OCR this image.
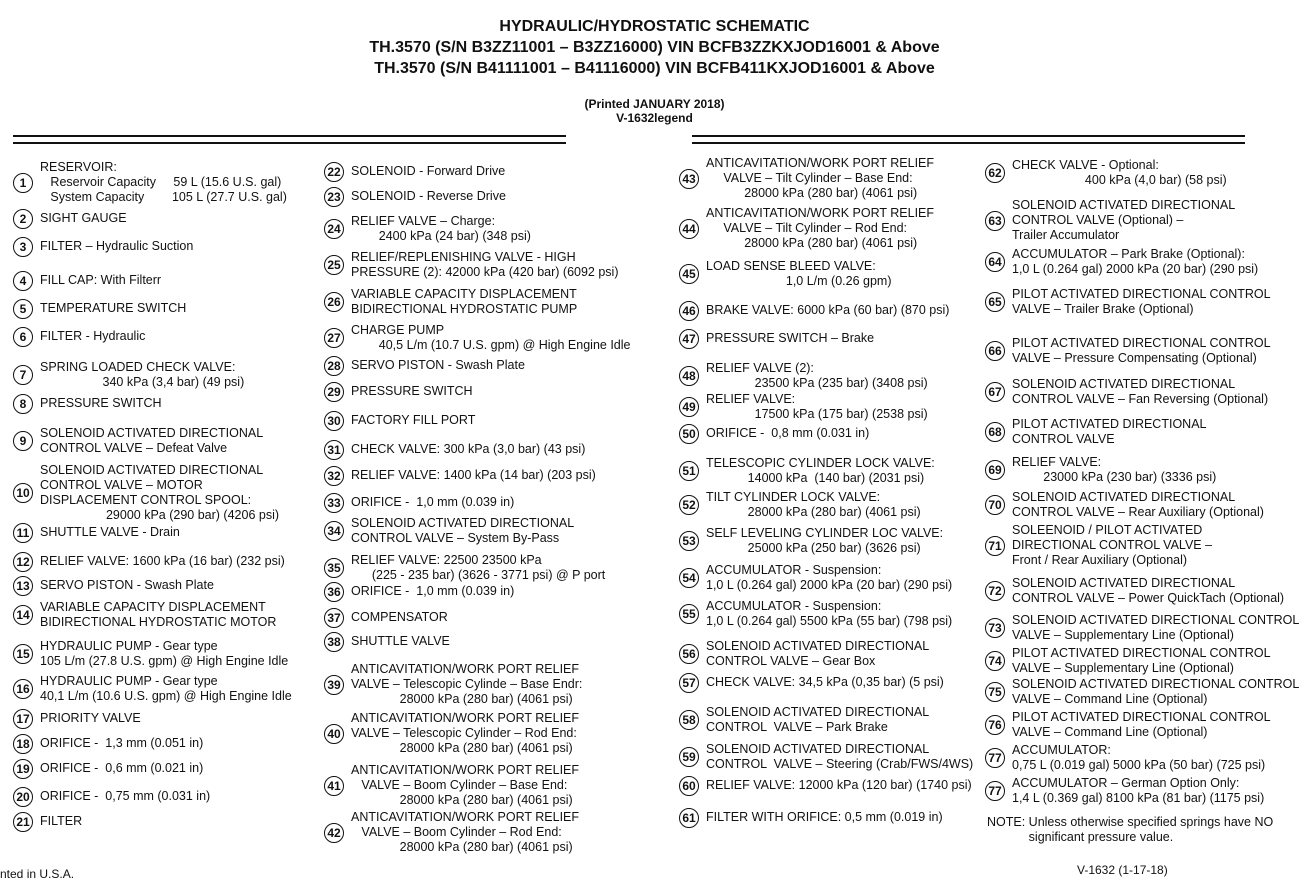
HYDRAULIC/HYDROSTATIC SCHEMATIC
TH.3570 (S/N B3ZZ11001 – B3ZZ16000) VIN BCFB3ZZKXJOD16001 & Above
TH.3570 (S/N B41111001 – B41116000) VIN BCFB411KXJOD16001 & Above
(Printed JANUARY 2018)
V-1632legend
1
RESERVOIR:
Reservoir Capacity     59 L (15.6 U.S. gal)
System Capacity        105 L (27.7 U.S. gal)
2	SIGHT GAUGE
3	FILTER – Hydraulic Suction
4	FILL CAP: With Filterr
5	TEMPERATURE SWITCH
6	FILTER - Hydraulic
7
SPRING LOADED CHECK VALVE:
340 kPa (3,4 bar) (49 psi)
8	PRESSURE SWITCH
9
SOLENOID ACTIVATED DIRECTIONAL
CONTROL VALVE – Defeat Valve
10
SOLENOID ACTIVATED DIRECTIONAL
CONTROL VALVE – MOTOR
DISPLACEMENT CONTROL SPOOL:
29000 kPa (290 bar) (4206 psi)
11 SHUTTLE VALVE - Drain
12 RELIEF VALVE: 1600 kPa (16 bar) (232 psi)
13 SERVO PISTON - Swash Plate
14
VARIABLE CAPACITY DISPLACEMENT
BIDIRECTIONAL HYDROSTATIC MOTOR
15
HYDRAULIC PUMP - Gear type
105 L/m (27.8 U.S. gpm) @ High Engine Idle
16
HYDRAULIC PUMP - Gear type
40,1 L/m (10.6 U.S. gpm) @ High Engine Idle
17 PRIORITY VALVE
18 ORIFICE -  1,3 mm (0.051 in)
19 ORIFICE -  0,6 mm (0.021 in)
20 ORIFICE -  0,75 mm (0.031 in)
21 FILTER
22 SOLENOID - Forward Drive
23 SOLENOID - Reverse Drive
24
RELIEF VALVE – Charge:
2400 kPa (24 bar) (348 psi)
25
RELIEF/REPLENISHING VALVE - HIGH
PRESSURE (2): 42000 kPa (420 bar) (6092 psi)
26
VARIABLE CAPACITY DISPLACEMENT
BIDIRECTIONAL HYDROSTATIC PUMP
27
CHARGE PUMP
40,5 L/m (10.7 U.S. gpm) @ High Engine Idle
28 SERVO PISTON - Swash Plate
29 PRESSURE SWITCH
30 FACTORY FILL PORT
31 CHECK VALVE: 300 kPa (3,0 bar) (43 psi)
32 RELIEF VALVE: 1400 kPa (14 bar) (203 psi)
33 ORIFICE -  1,0 mm (0.039 in)
34
SOLENOID ACTIVATED DIRECTIONAL
CONTROL VALVE – System By-Pass
35
RELIEF VALVE: 22500 23500 kPa
(225 - 235 bar) (3626 - 3771 psi) @ P port
36 ORIFICE -  1,0 mm (0.039 in)
37 COMPENSATOR
38 SHUTTLE VALVE
39
ANTICAVITATION/WORK PORT RELIEF
VALVE – Telescopic Cylinde – Base Endr:
28000 kPa (280 bar) (4061 psi)
40
ANTICAVITATION/WORK PORT RELIEF
VALVE – Telescopic Cylinder – Rod End:
28000 kPa (280 bar) (4061 psi)
41
ANTICAVITATION/WORK PORT RELIEF
VALVE – Boom Cylinder – Base End:
28000 kPa (280 bar) (4061 psi)
42
ANTICAVITATION/WORK PORT RELIEF
VALVE – Boom Cylinder – Rod End:
28000 kPa (280 bar) (4061 psi)
43
ANTICAVITATION/WORK PORT RELIEF
VALVE – Tilt Cylinder – Base End:
28000 kPa (280 bar) (4061 psi)
44
ANTICAVITATION/WORK PORT RELIEF
VALVE – Tilt Cylinder – Rod End:
28000 kPa (280 bar) (4061 psi)
45
LOAD SENSE BLEED VALVE:
1,0 L/m (0.26 gpm)
46 BRAKE VALVE: 6000 kPa (60 bar) (870 psi)
47 PRESSURE SWITCH – Brake
48
RELIEF VALVE (2):
23500 kPa (235 bar) (3408 psi)
49
RELIEF VALVE:
17500 kPa (175 bar) (2538 psi)
50 ORIFICE -  0,8 mm (0.031 in)
51
TELESCOPIC CYLINDER LOCK VALVE:
14000 kPa  (140 bar) (2031 psi)
52
TILT CYLINDER LOCK VALVE:
28000 kPa (280 bar) (4061 psi)
53
SELF LEVELING CYLINDER LOC VALVE:
25000 kPa (250 bar) (3626 psi)
54
ACCUMULATOR - Suspension:
1,0 L (0.264 gal) 2000 kPa (20 bar) (290 psi)
55
ACCUMULATOR - Suspension:
1,0 L (0.264 gal) 5500 kPa (55 bar) (798 psi)
56
SOLENOID ACTIVATED DIRECTIONAL
CONTROL VALVE – Gear Box
57 CHECK VALVE: 34,5 kPa (0,35 bar) (5 psi)
58
SOLENOID ACTIVATED DIRECTIONAL
CONTROL  VALVE – Park Brake
59
SOLENOID ACTIVATED DIRECTIONAL
CONTROL  VALVE – Steering (Crab/FWS/4WS)
60 RELIEF VALVE: 12000 kPa (120 bar) (1740 psi)
61 FILTER WITH ORIFICE: 0,5 mm (0.019 in)
62
CHECK VALVE - Optional:
400 kPa (4,0 bar) (58 psi)
63
SOLENOID ACTIVATED DIRECTIONAL
CONTROL VALVE (Optional) –
Trailer Accumulator
64
ACCUMULATOR – Park Brake (Optional):
1,0 L (0.264 gal) 2000 kPa (20 bar) (290 psi)
65
PILOT ACTIVATED DIRECTIONAL CONTROL
VALVE – Trailer Brake (Optional)
66
PILOT ACTIVATED DIRECTIONAL CONTROL
VALVE – Pressure Compensating (Optional)
67
SOLENOID ACTIVATED DIRECTIONAL
CONTROL VALVE – Fan Reversing (Optional)
68
PILOT ACTIVATED DIRECTIONAL
CONTROL VALVE
69
RELIEF VALVE:
23000 kPa (230 bar) (3336 psi)
70
SOLENOID ACTIVATED DIRECTIONAL
CONTROL VALVE – Rear Auxiliary (Optional)
71
SOLEENOID / PILOT ACTIVATED
DIRECTIONAL CONTROL VALVE –
Front / Rear Auxiliary (Optional)
72
SOLENOID ACTIVATED DIRECTIONAL
CONTROL VALVE – Power QuickTach (Optional)
73
SOLENOID ACTIVATED DIRECTIONAL CONTROL
VALVE – Supplementary Line (Optional)
74
PILOT ACTIVATED DIRECTIONAL CONTROL
VALVE – Supplementary Line (Optional)
75
SOLENOID ACTIVATED DIRECTIONAL CONTROL
VALVE – Command Line (Optional)
76
PILOT ACTIVATED DIRECTIONAL CONTROL
VALVE – Command Line (Optional)
77
ACCUMULATOR:
0,75 L (0.019 gal) 5000 kPa (50 bar) (725 psi)
77
ACCUMULATOR – German Option Only:
1,4 L (0.369 gal) 8100 kPa (81 bar) (1175 psi)
NOTE: Unless otherwise specified springs have NO
significant pressure value.
nted in U.S.A.	V-1632 (1-17-18)
